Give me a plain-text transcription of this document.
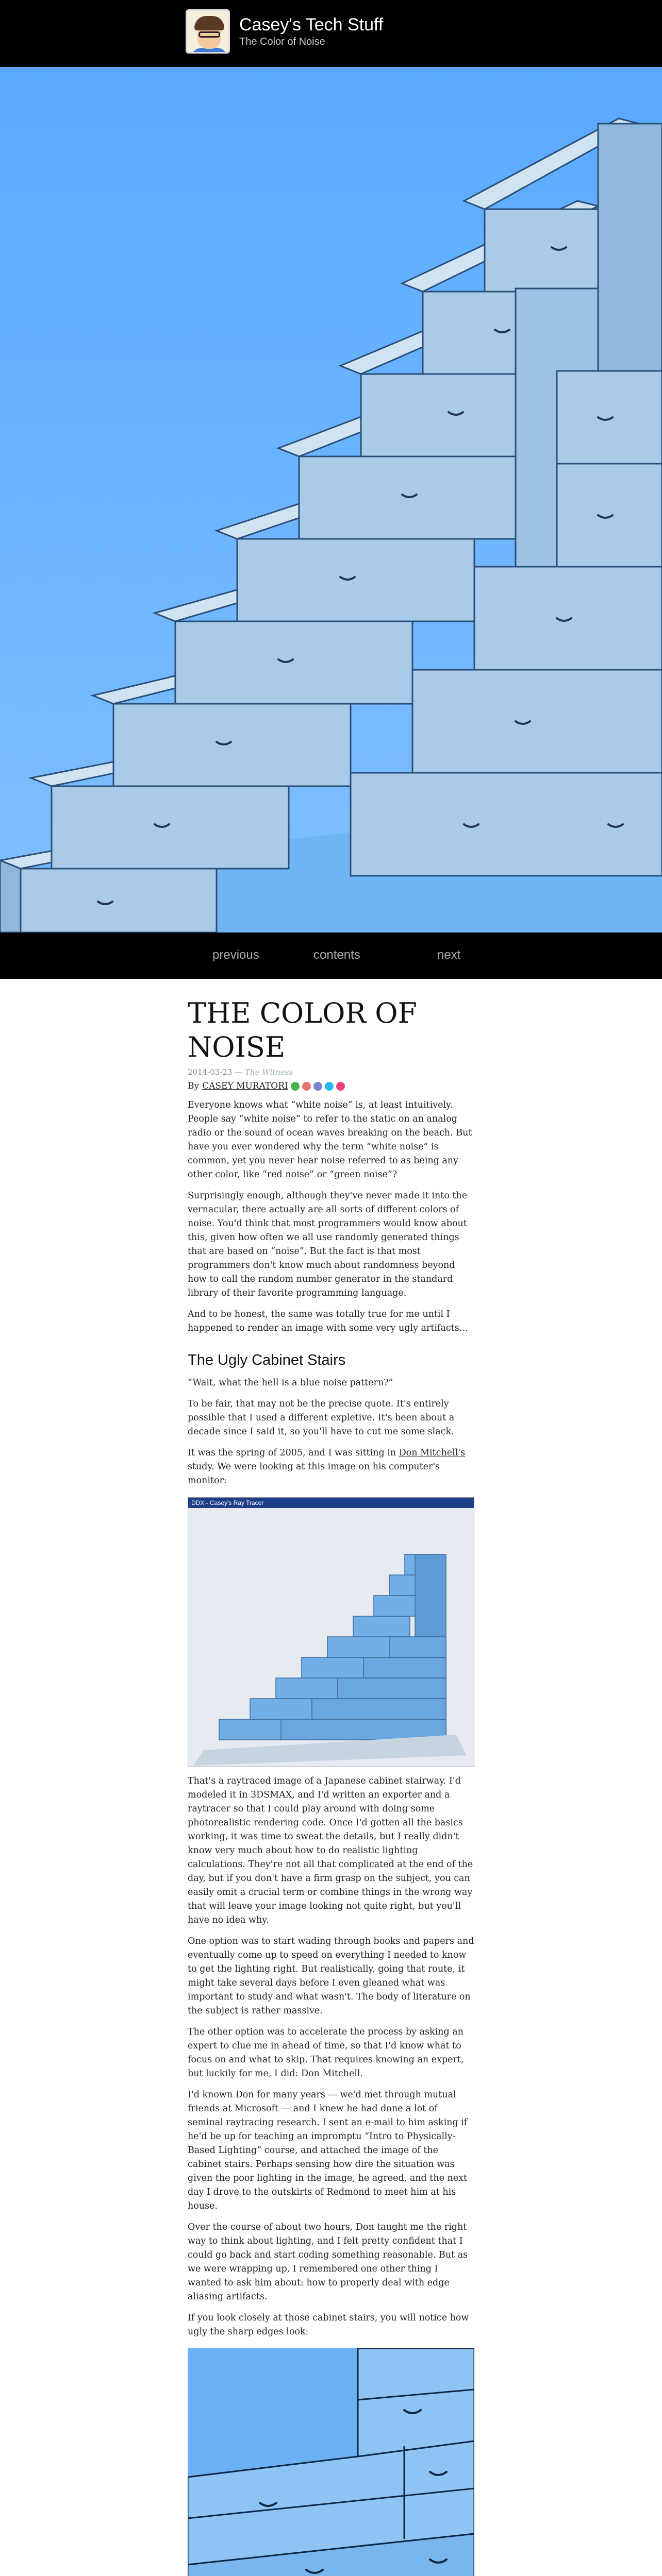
Casey's Tech Stuff
The Color of Noise
previous	contents	next
THE COLOR OF NOISE
2014-03-23 — The Witness
By CASEY MURATORI

Everyone knows what “white noise” is, at least intuitively. People say “white noise” to refer to the static on an analog radio or the sound of ocean waves breaking on the beach. But have you ever wondered why the term “white noise” is common, yet you never hear noise referred to as being any other color, like “red noise” or “green noise”?

Surprisingly enough, although they've never made it into the vernacular, there actually are all sorts of different colors of noise. You'd think that most programmers would know about this, given how often we all use randomly generated things that are based on “noise”. But the fact is that most programmers don't know much about randomness beyond how to call the random number generator in the standard library of their favorite programming language.

And to be honest, the same was totally true for me until I happened to render an image with some very ugly artifacts…

The Ugly Cabinet Stairs

“Wait, what the hell is a blue noise pattern?”

To be fair, that may not be the precise quote. It's entirely possible that I used a different expletive. It's been about a decade since I said it, so you'll have to cut me some slack.

It was the spring of 2005, and I was sitting in Don Mitchell's study. We were looking at this image on his computer's monitor:

DDX - Casey's Ray Tracer

That's a raytraced image of a Japanese cabinet stairway. I'd modeled it in 3DSMAX, and I'd written an exporter and a raytracer so that I could play around with doing some photorealistic rendering code. Once I'd gotten all the basics working, it was time to sweat the details, but I really didn't know very much about how to do realistic lighting calculations. They're not all that complicated at the end of the day, but if you don't have a firm grasp on the subject, you can easily omit a crucial term or combine things in the wrong way that will leave your image looking not quite right, but you'll have no idea why.

One option was to start wading through books and papers and eventually come up to speed on everything I needed to know to get the lighting right. But realistically, going that route, it might take several days before I even gleaned what was important to study and what wasn't. The body of literature on the subject is rather massive.

The other option was to accelerate the process by asking an expert to clue me in ahead of time, so that I'd know what to focus on and what to skip. That requires knowing an expert, but luckily for me, I did: Don Mitchell.

I'd known Don for many years — we'd met through mutual friends at Microsoft — and I knew he had done a lot of seminal raytracing research. I sent an e-mail to him asking if he'd be up for teaching an impromptu “Intro to Physically-Based Lighting” course, and attached the image of the cabinet stairs. Perhaps sensing how dire the situation was given the poor lighting in the image, he agreed, and the next day I drove to the outskirts of Redmond to meet him at his house.

Over the course of about two hours, Don taught me the right way to think about lighting, and I felt pretty confident that I could go back and start coding something reasonable. But as we were wrapping up, I remembered one other thing I wanted to ask him about: how to properly deal with edge aliasing artifacts.

If you look closely at those cabinet stairs, you will notice how ugly the sharp edges look:
